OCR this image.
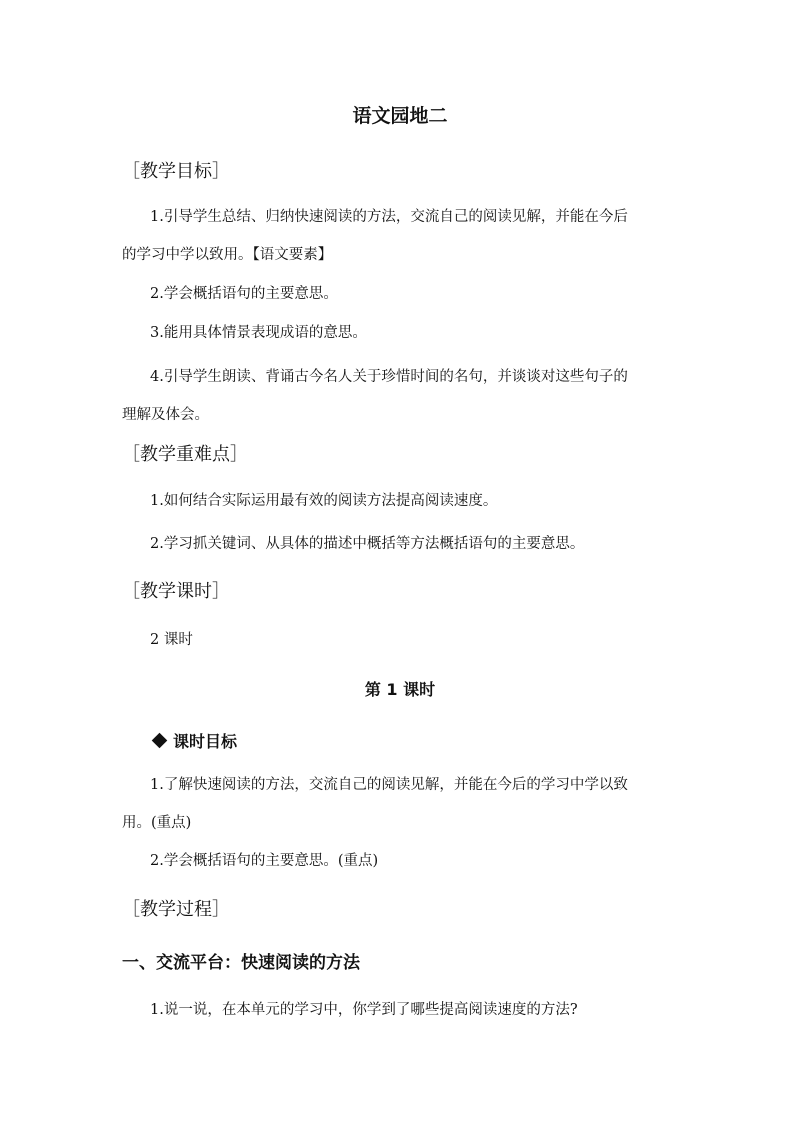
语文园地二
［教学目标］

1.引导学生总结、归纳快速阅读的方法，交流自己的阅读见解，并能在今后
的学习中学以致用。【语文要素】

2.学会概括语句的主要意思。

3.能用具体情景表现成语的意思。

4.引导学生朗读、背诵古今名人关于珍惜时间的名句，并谈谈对这些句子的
理解及体会。

［教学重难点］

1.如何结合实际运用最有效的阅读方法提高阅读速度。

2.学习抓关键词、从具体的描述中概括等方法概括语句的主要意思。

［教学课时］

2 课时

第 1 课时
课时目标

1.了解快速阅读的方法，交流自己的阅读见解，并能在今后的学习中学以致
用。(重点)

2.学会概括语句的主要意思。(重点)

［教学过程］
一、交流平台：快速阅读的方法

1.说一说，在本单元的学习中，你学到了哪些提高阅读速度的方法?
